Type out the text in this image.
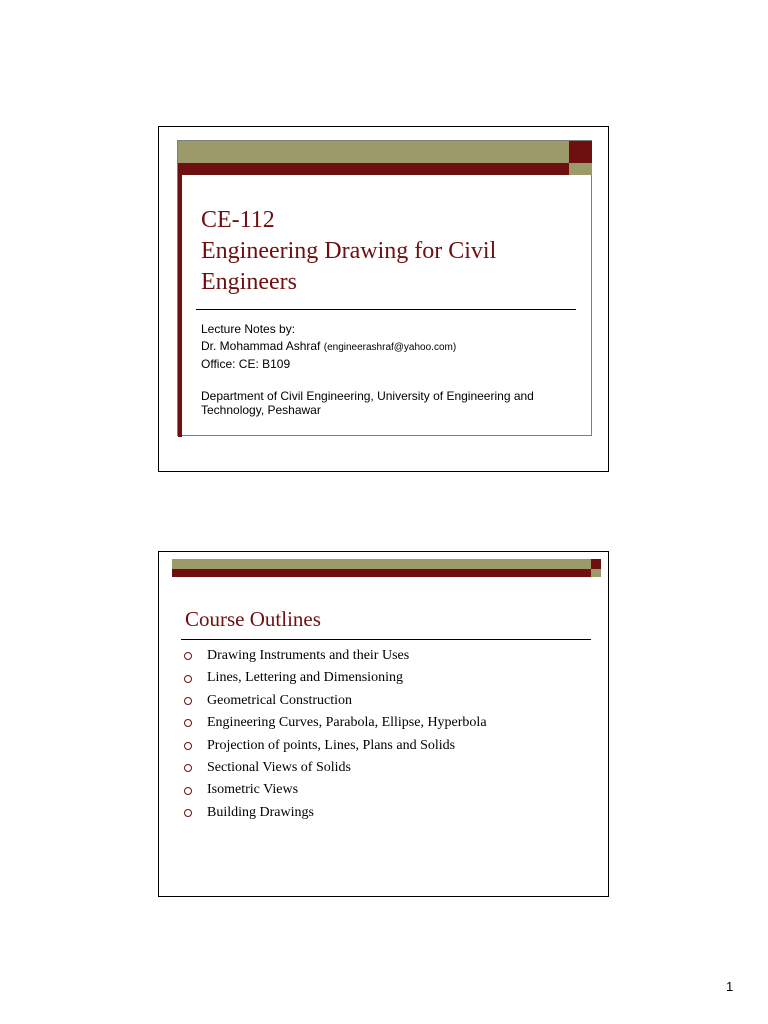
CE-112
Engineering Drawing for Civil
Engineers
Lecture Notes by:
Dr. Mohammad Ashraf (engineerashraf@yahoo.com)
Office: CE: B109
Department of Civil Engineering, University of Engineering and Technology, Peshawar
Course Outlines
Drawing Instruments and their Uses
Lines, Lettering and Dimensioning
Geometrical Construction
Engineering Curves, Parabola, Ellipse, Hyperbola
Projection of points, Lines, Plans and Solids
Sectional Views of Solids
Isometric Views
Building Drawings
1
